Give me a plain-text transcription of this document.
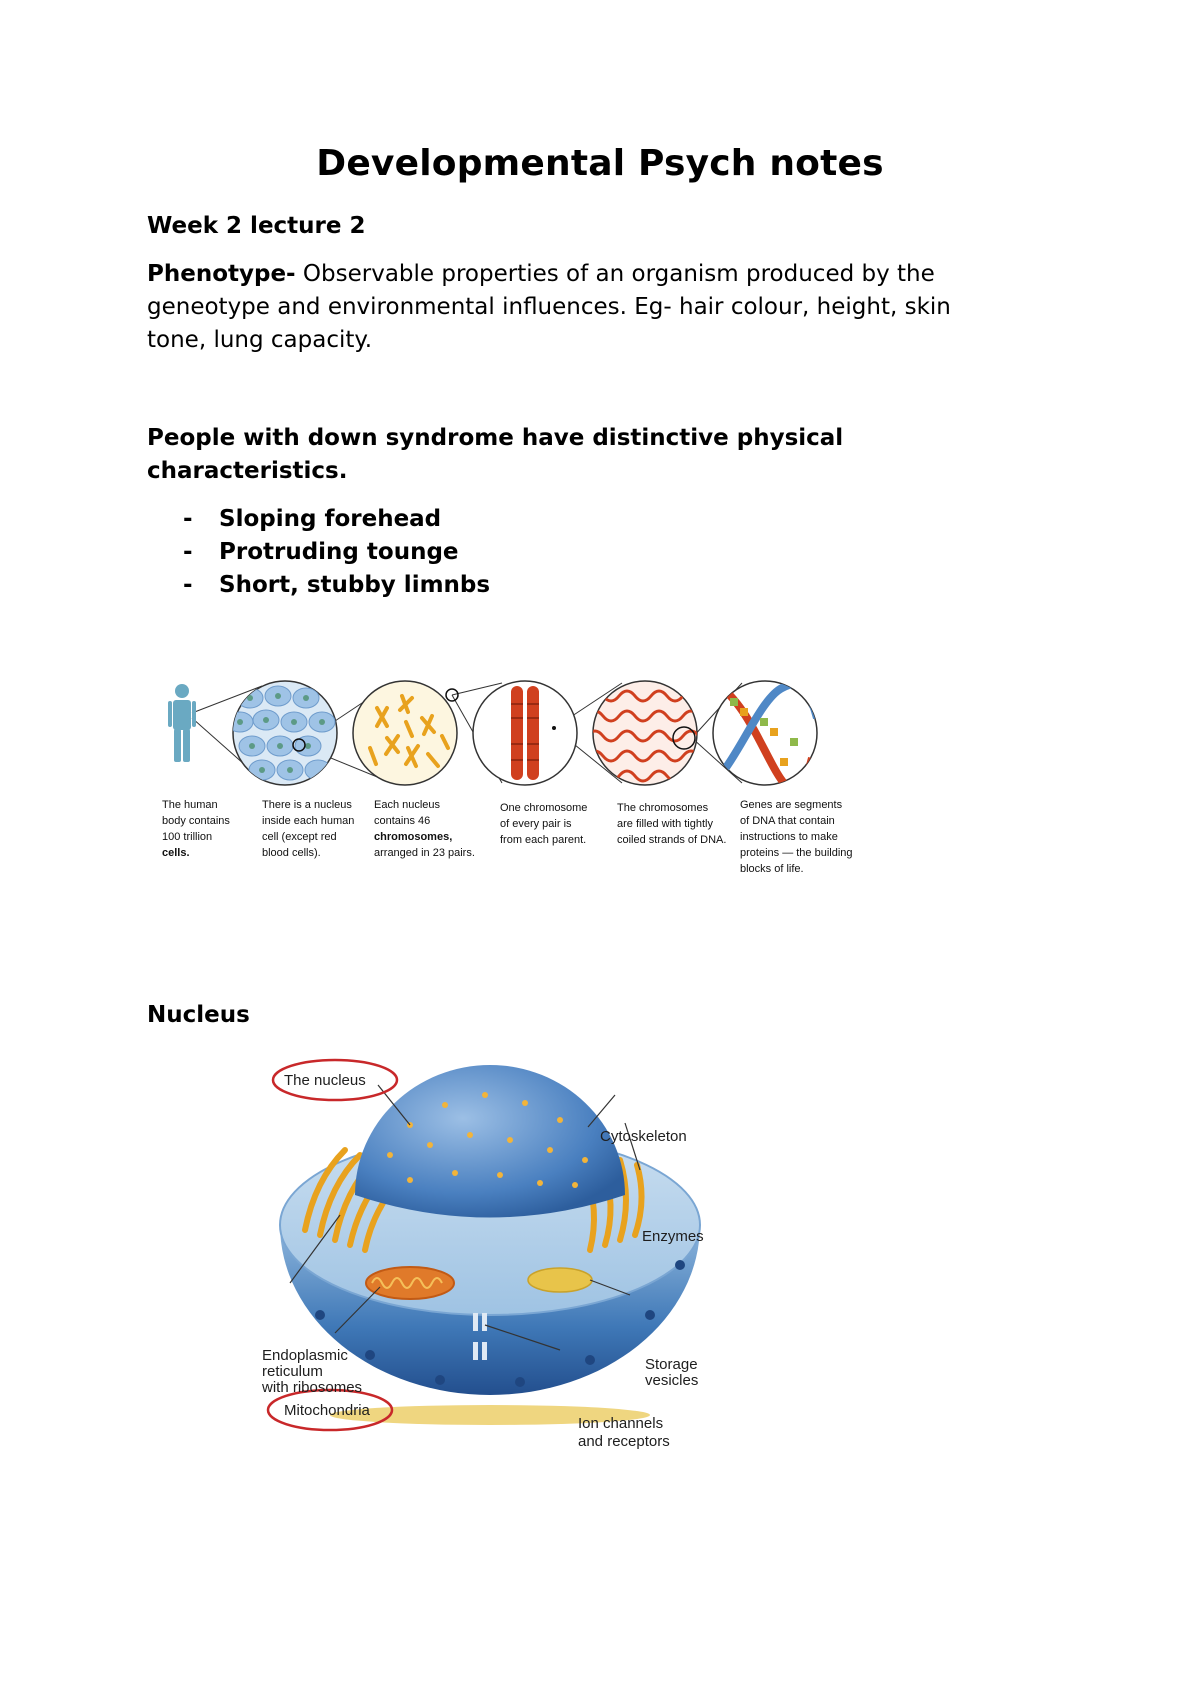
Developmental Psych notes
Week 2 lecture 2

Phenotype- Observable properties of an organism produced by the
geneotype and environmental influences. Eg- hair colour, height, skin
tone, lung capacity.

People with down syndrome have distinctive physical
characteristics.

-	Sloping forehead
-	Protruding tounge
-	Short, stubby limnbs
The human
body contains
100 trillion
cells.
There is a nucleus
inside each human
cell (except red
blood cells).
Each nucleus
contains 46
chromosomes,
arranged in 23 pairs.
One chromosome
of every pair is
from each parent.
The chromosomes
are filled with tightly
coiled strands of DNA.
Genes are segments
of DNA that contain
instructions to make
proteins — the building
blocks of life.
Nucleus
The nucleus
Cytoskeleton
Enzymes
Endoplasmic
reticulum
with ribosomes
Mitochondria
Storage
vesicles
Ion channels
and receptors
